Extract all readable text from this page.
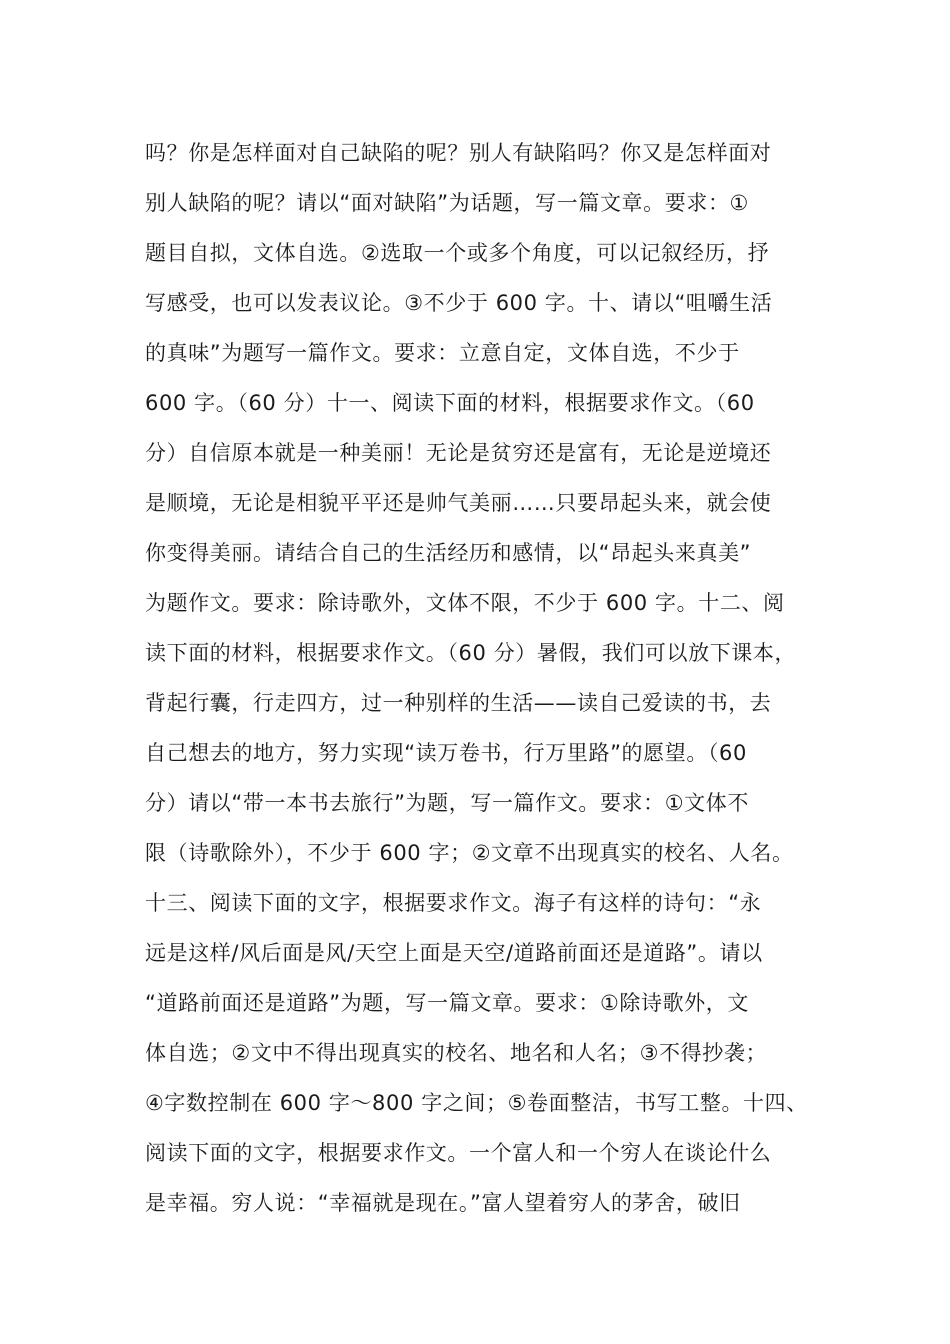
吗？你是怎样面对自己缺陷的呢？别人有缺陷吗？你又是怎样面对
别人缺陷的呢？请以“面对缺陷”为话题，写一篇文章。要求：①
题目自拟，文体自选。②选取一个或多个角度，可以记叙经历，抒
写感受，也可以发表议论。③不少于 600 字。十、请以“咀嚼生活
的真味”为题写一篇作文。要求：立意自定，文体自选，不少于
600 字。（60 分）十一、阅读下面的材料，根据要求作文。（60
分）自信原本就是一种美丽！无论是贫穷还是富有，无论是逆境还
是顺境，无论是相貌平平还是帅气美丽……只要昂起头来，就会使
你变得美丽。请结合自己的生活经历和感情，以“昂起头来真美”
为题作文。要求：除诗歌外，文体不限，不少于 600 字。十二、阅
读下面的材料，根据要求作文。（60 分）暑假，我们可以放下课本，
背起行囊，行走四方，过一种别样的生活——读自己爱读的书，去
自己想去的地方，努力实现“读万卷书，行万里路”的愿望。（60
分）请以“带一本书去旅行”为题，写一篇作文。要求：①文体不
限（诗歌除外），不少于 600 字；②文章不出现真实的校名、人名。
十三、阅读下面的文字，根据要求作文。海子有这样的诗句：“永
远是这样/风后面是风/天空上面是天空/道路前面还是道路”。请以
“道路前面还是道路”为题，写一篇文章。要求：①除诗歌外，文
体自选；②文中不得出现真实的校名、地名和人名；③不得抄袭；
④字数控制在 600 字～800 字之间；⑤卷面整洁，书写工整。十四、
阅读下面的文字，根据要求作文。一个富人和一个穷人在谈论什么
是幸福。穷人说：“幸福就是现在。”富人望着穷人的茅舍，破旧
